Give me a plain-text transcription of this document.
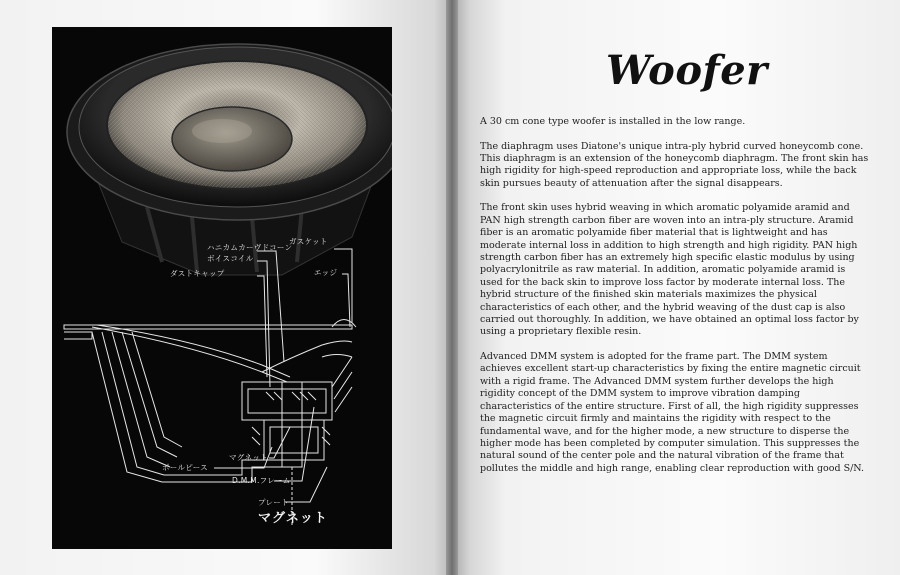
ハニカムカーヴドコーン
ボイスコイル
ダストキャップ
ガスケット
エッジ
ポールピース
マグネット
D.M.M.フレーム
プレート
マグネット
Woofer

A 30 cm cone type woofer is installed in the low range.

The diaphragm uses Diatone's unique intra-ply hybrid curved honeycomb cone. This diaphragm is an extension of the honeycomb diaphragm. The front skin has high rigidity for high-speed reproduction and appropriate loss, while the back skin pursues beauty of attenuation after the signal disappears.

The front skin uses hybrid weaving in which aromatic polyamide aramid and PAN high strength carbon fiber are woven into an intra-ply structure. Aramid fiber is an aromatic polyamide fiber material that is lightweight and has moderate internal loss in addition to high strength and high rigidity. PAN high strength carbon fiber has an extremely high specific elastic modulus by using polyacrylonitrile as raw material. In addition, aromatic polyamide aramid is used for the back skin to improve loss factor by moderate internal loss. The hybrid structure of the finished skin materials maximizes the physical characteristics of each other, and the hybrid weaving of the dust cap is also carried out thoroughly. In addition, we have obtained an optimal loss factor by using a proprietary flexible resin.

Advanced DMM system is adopted for the frame part. The DMM system achieves excellent start-up characteristics by fixing the entire magnetic circuit with a rigid frame. The Advanced DMM system further develops the high rigidity concept of the DMM system to improve vibration damping characteristics of the entire structure. First of all, the high rigidity suppresses the magnetic circuit firmly and maintains the rigidity with respect to the fundamental wave, and for the higher mode, a new structure to disperse the higher mode has been completed by computer simulation. This suppresses the natural sound of the center pole and the natural vibration of the frame that pollutes the middle and high range, enabling clear reproduction with good S/N.
